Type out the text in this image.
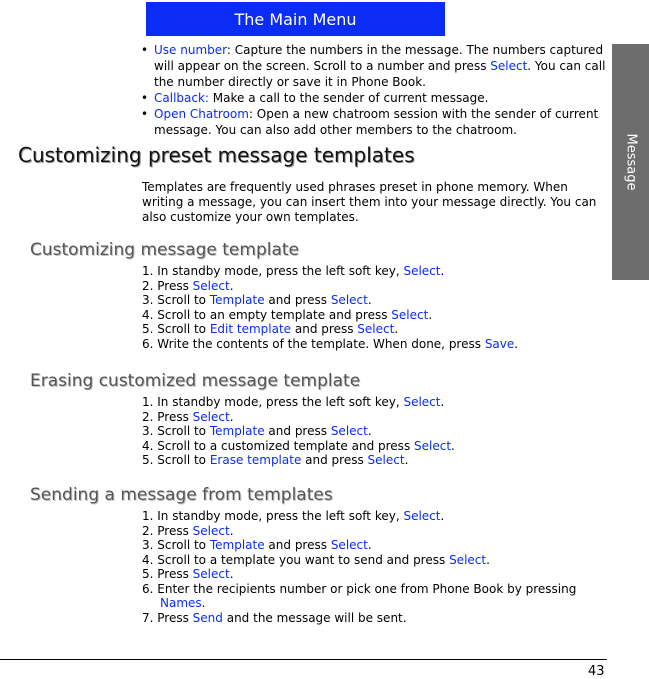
The Main Menu
Message
• Use number: Capture the numbers in the message. The numbers captured will appear on the screen. Scroll to a number and press Select. You can call the number directly or save it in Phone Book.
• Callback: Make a call to the sender of current message.
• Open Chatroom: Open a new chatroom session with the sender of current message. You can also add other members to the chatroom.
Customizing preset message templates
Templates are frequently used phrases preset in phone memory. When writing a message, you can insert them into your message directly. You can also customize your own templates.
Customizing message template
1. In standby mode, press the left soft key, Select.
2. Press Select.
3. Scroll to Template and press Select.
4. Scroll to an empty template and press Select.
5. Scroll to Edit template and press Select.
6. Write the contents of the template. When done, press Save.
Erasing customized message template
1. In standby mode, press the left soft key, Select.
2. Press Select.
3. Scroll to Template and press Select.
4. Scroll to a customized template and press Select.
5. Scroll to Erase template and press Select.
Sending a message from templates
1. In standby mode, press the left soft key, Select.
2. Press Select.
3. Scroll to Template and press Select.
4. Scroll to a template you want to send and press Select.
5. Press Select.
6. Enter the recipients number or pick one from Phone Book by pressing
Names.
7. Press Send and the message will be sent.
43
